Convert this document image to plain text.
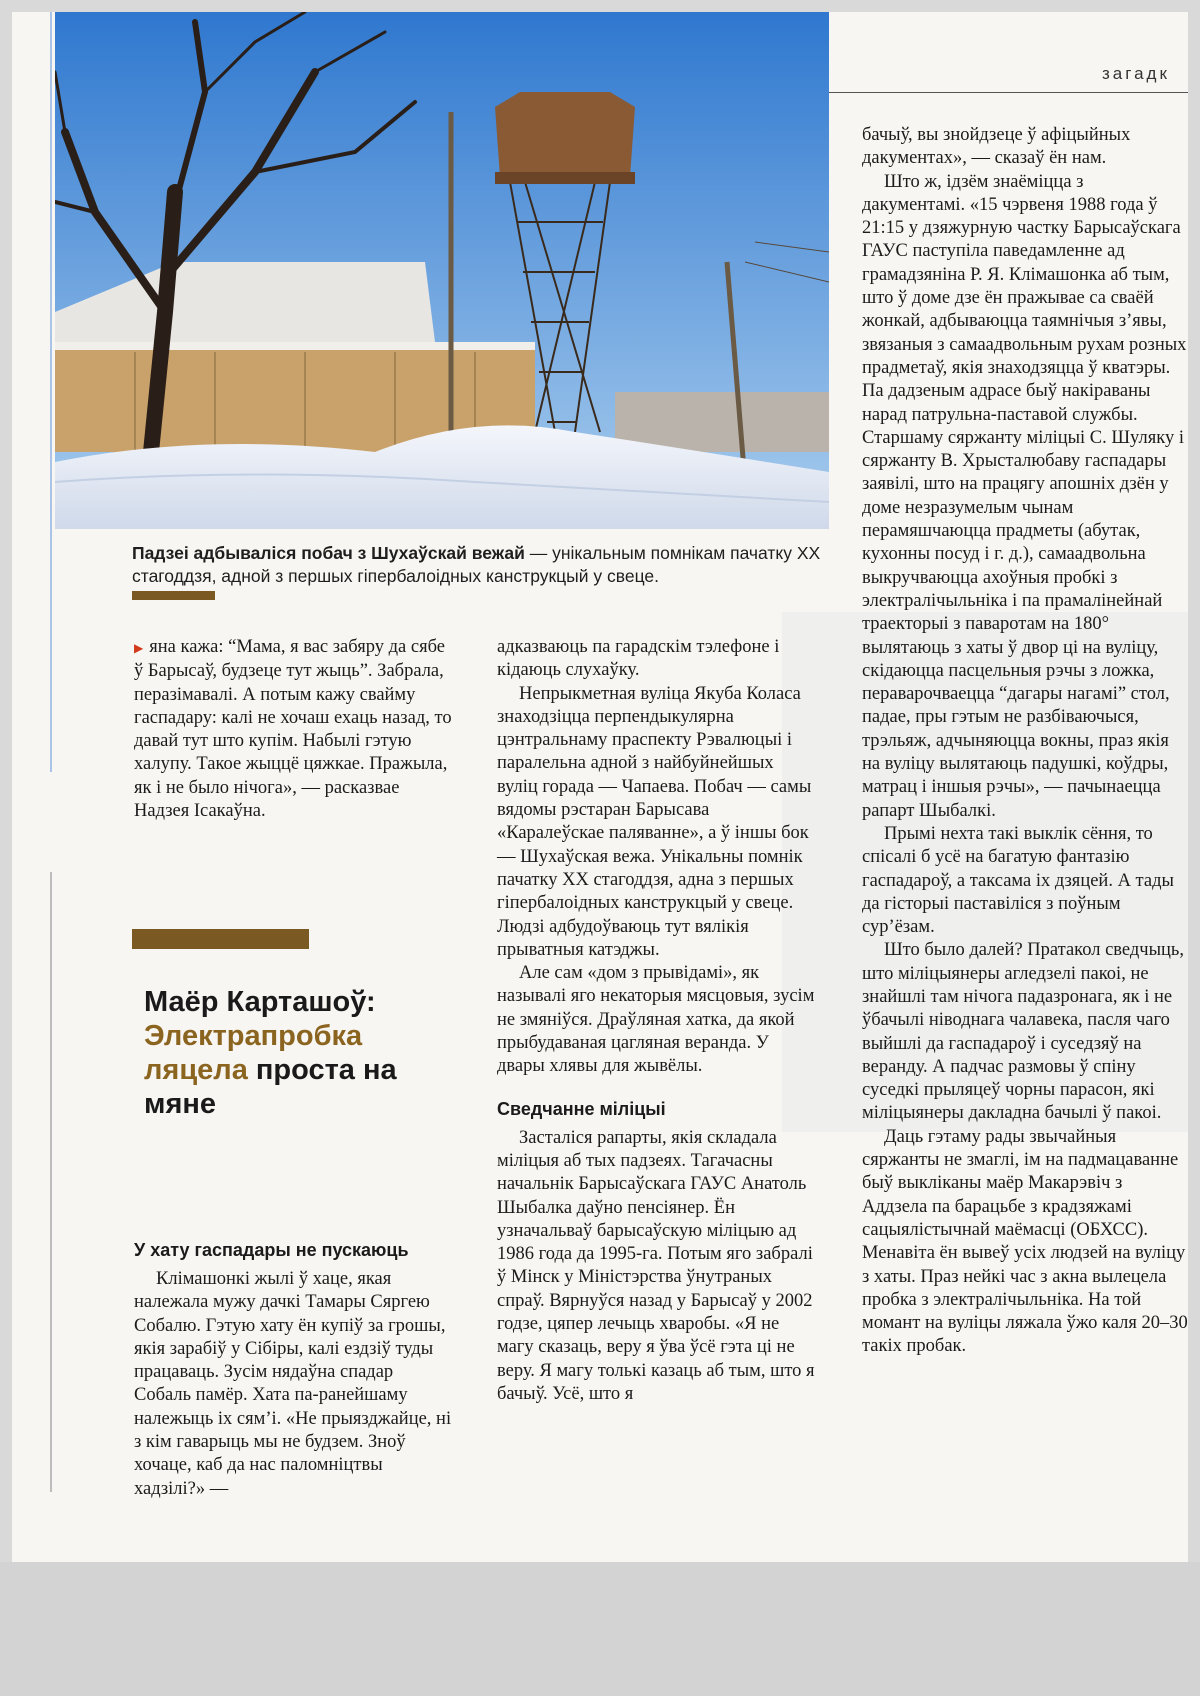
загадк
Падзеі адбываліся побач з Шухаўскай вежай — унікальным помнікам пачатку XX стагоддзя, адной з першых гіпербалоідных канструкцый у свеце.

▶ яна кажа: “Мама, я вас забяру да сябе ў Барысаў, будзеце тут жыць”. Забрала, перазімавалі. А потым кажу свайму гаспадару: калі не хочаш ехаць назад, то давай тут што купім. Набылі гэтую халупу. Такое жыццё цяжкае. Пражыла, як і не было нічога», — расказвае Надзея Ісакаўна.

Маёр Карташоў:
Электрапробка
ляцела проста на мяне
У хату гаспадары не пускаюць

Клімашонкі жылі ў хаце, якая належала мужу дачкі Тамары Сяргею Собалю. Гэтую хату ён купіў за грошы, якія зарабіў у Сібіры, калі ездзіў туды працаваць. Зусім нядаўна спадар Собаль памёр. Хата па-ранейшаму належыць іх сям’і. «Не прыязджайце, ні з кім гаварыць мы не будзем. Зноў хочаце, каб да нас паломніцтвы хадзілі?» —

адказваюць па гарадскім тэлефоне і кідаюць слухаўку.

Непрыкметная вуліца Якуба Коласа знаходзіцца перпендыкулярна цэнтральнаму праспекту Рэвалюцыі і паралельна адной з найбуйнейшых вуліц горада — Чапаева. Побач — самы вядомы рэстаран Барысава «Каралеўскае паляванне», а ў іншы бок — Шухаўская вежа. Унікальны помнік пачатку XX стагоддзя, адна з першых гіпербалоідных канструкцый у свеце. Людзі адбудоўваюць тут вялікія прыватныя катэджы.

Але сам «дом з прывідамі», як называлі яго некаторыя мясцовыя, зусім не змяніўся. Драўляная хатка, да якой прыбудаваная цагляная веранда. У двары хлявы для жывёлы.

Сведчанне міліцыі

Засталіся рапарты, якія складала міліцыя аб тых падзеях. Тагачасны начальнік Барысаўскага ГАУС Анатоль Шыбалка даўно пенсіянер. Ён узначальваў барысаўскую міліцыю ад 1986 года да 1995-га. Потым яго забралі ў Мінск у Міністэрства ўнутраных спраў. Вярнуўся назад у Барысаў у 2002 годзе, цяпер лечыць хваробы. «Я не магу сказаць, веру я ўва ўсё гэта ці не веру. Я магу толькі казаць аб тым, што я бачыў. Усё, што я

бачыў, вы знойдзеце ў афіцыйных дакументах», — сказаў ён нам.

Што ж, ідзём знаёміцца з дакументамі. «15 чэрвеня 1988 года ў 21:15 у дзяжурную частку Барысаўскага ГАУС паступіла паведамленне ад грамадзяніна Р. Я. Клімашонка аб тым, што ў доме дзе ён пражывае са сваёй жонкай, адбываюцца таямнічыя з’явы, звязаныя з самаадвольным рухам розных прадметаў, якія знаходзяцца ў кватэры. Па дадзеным адрасе быў накіраваны нарад патрульна-паставой службы. Старшаму сяржанту міліцыі С. Шуляку і сяржанту В. Хрысталюбаву гаспадары заявілі, што на працягу апошніх дзён у доме незразумелым чынам перамяшчаюцца прадметы (абутак, кухонны посуд і г. д.), самаадвольна выкручваюцца ахоўныя пробкі з электралічыльніка і па прамалінейнай траекторыі з паваротам на 180° вылятаюць з хаты ў двор ці на вуліцу, скідаюцца пасцельныя рэчы з ложка, пераварочваецца “дагары нагамі” стол, падае, пры гэтым не разбіваючыся, трэльяж, адчыняюцца вокны, праз якія на вуліцу вылятаюць падушкі, коўдры, матрац і іншыя рэчы», — пачынаецца рапарт Шыбалкі.

Прымі нехта такі выклік сёння, то спісалі б усё на багатую фантазію гаспадароў, а таксама іх дзяцей. А тады да гісторыі паставіліся з поўным сур’ёзам.

Што было далей? Пратакол сведчыць, што міліцыянеры агледзелі пакоі, не знайшлі там нічога падазронага, як і не ўбачылі ніводнага чалавека, пасля чаго выйшлі да гаспадароў і суседзяў на веранду. А падчас размовы ў спіну суседкі прыляцеў чорны парасон, які міліцыянеры дакладна бачылі ў пакоі.

Даць гэтаму рады звычайныя сяржанты не змаглі, ім на падмацаванне быў выкліканы маёр Макарэвіч з Аддзела па барацьбе з крадзяжамі сацыялістычнай маёмасці (ОБХСС). Менавіта ён вывеў усіх людзей на вуліцу з хаты. Праз нейкі час з акна вылецела пробка з электралічыльніка. На той момант на вуліцы ляжала ўжо каля 20–30 такіх пробак.
